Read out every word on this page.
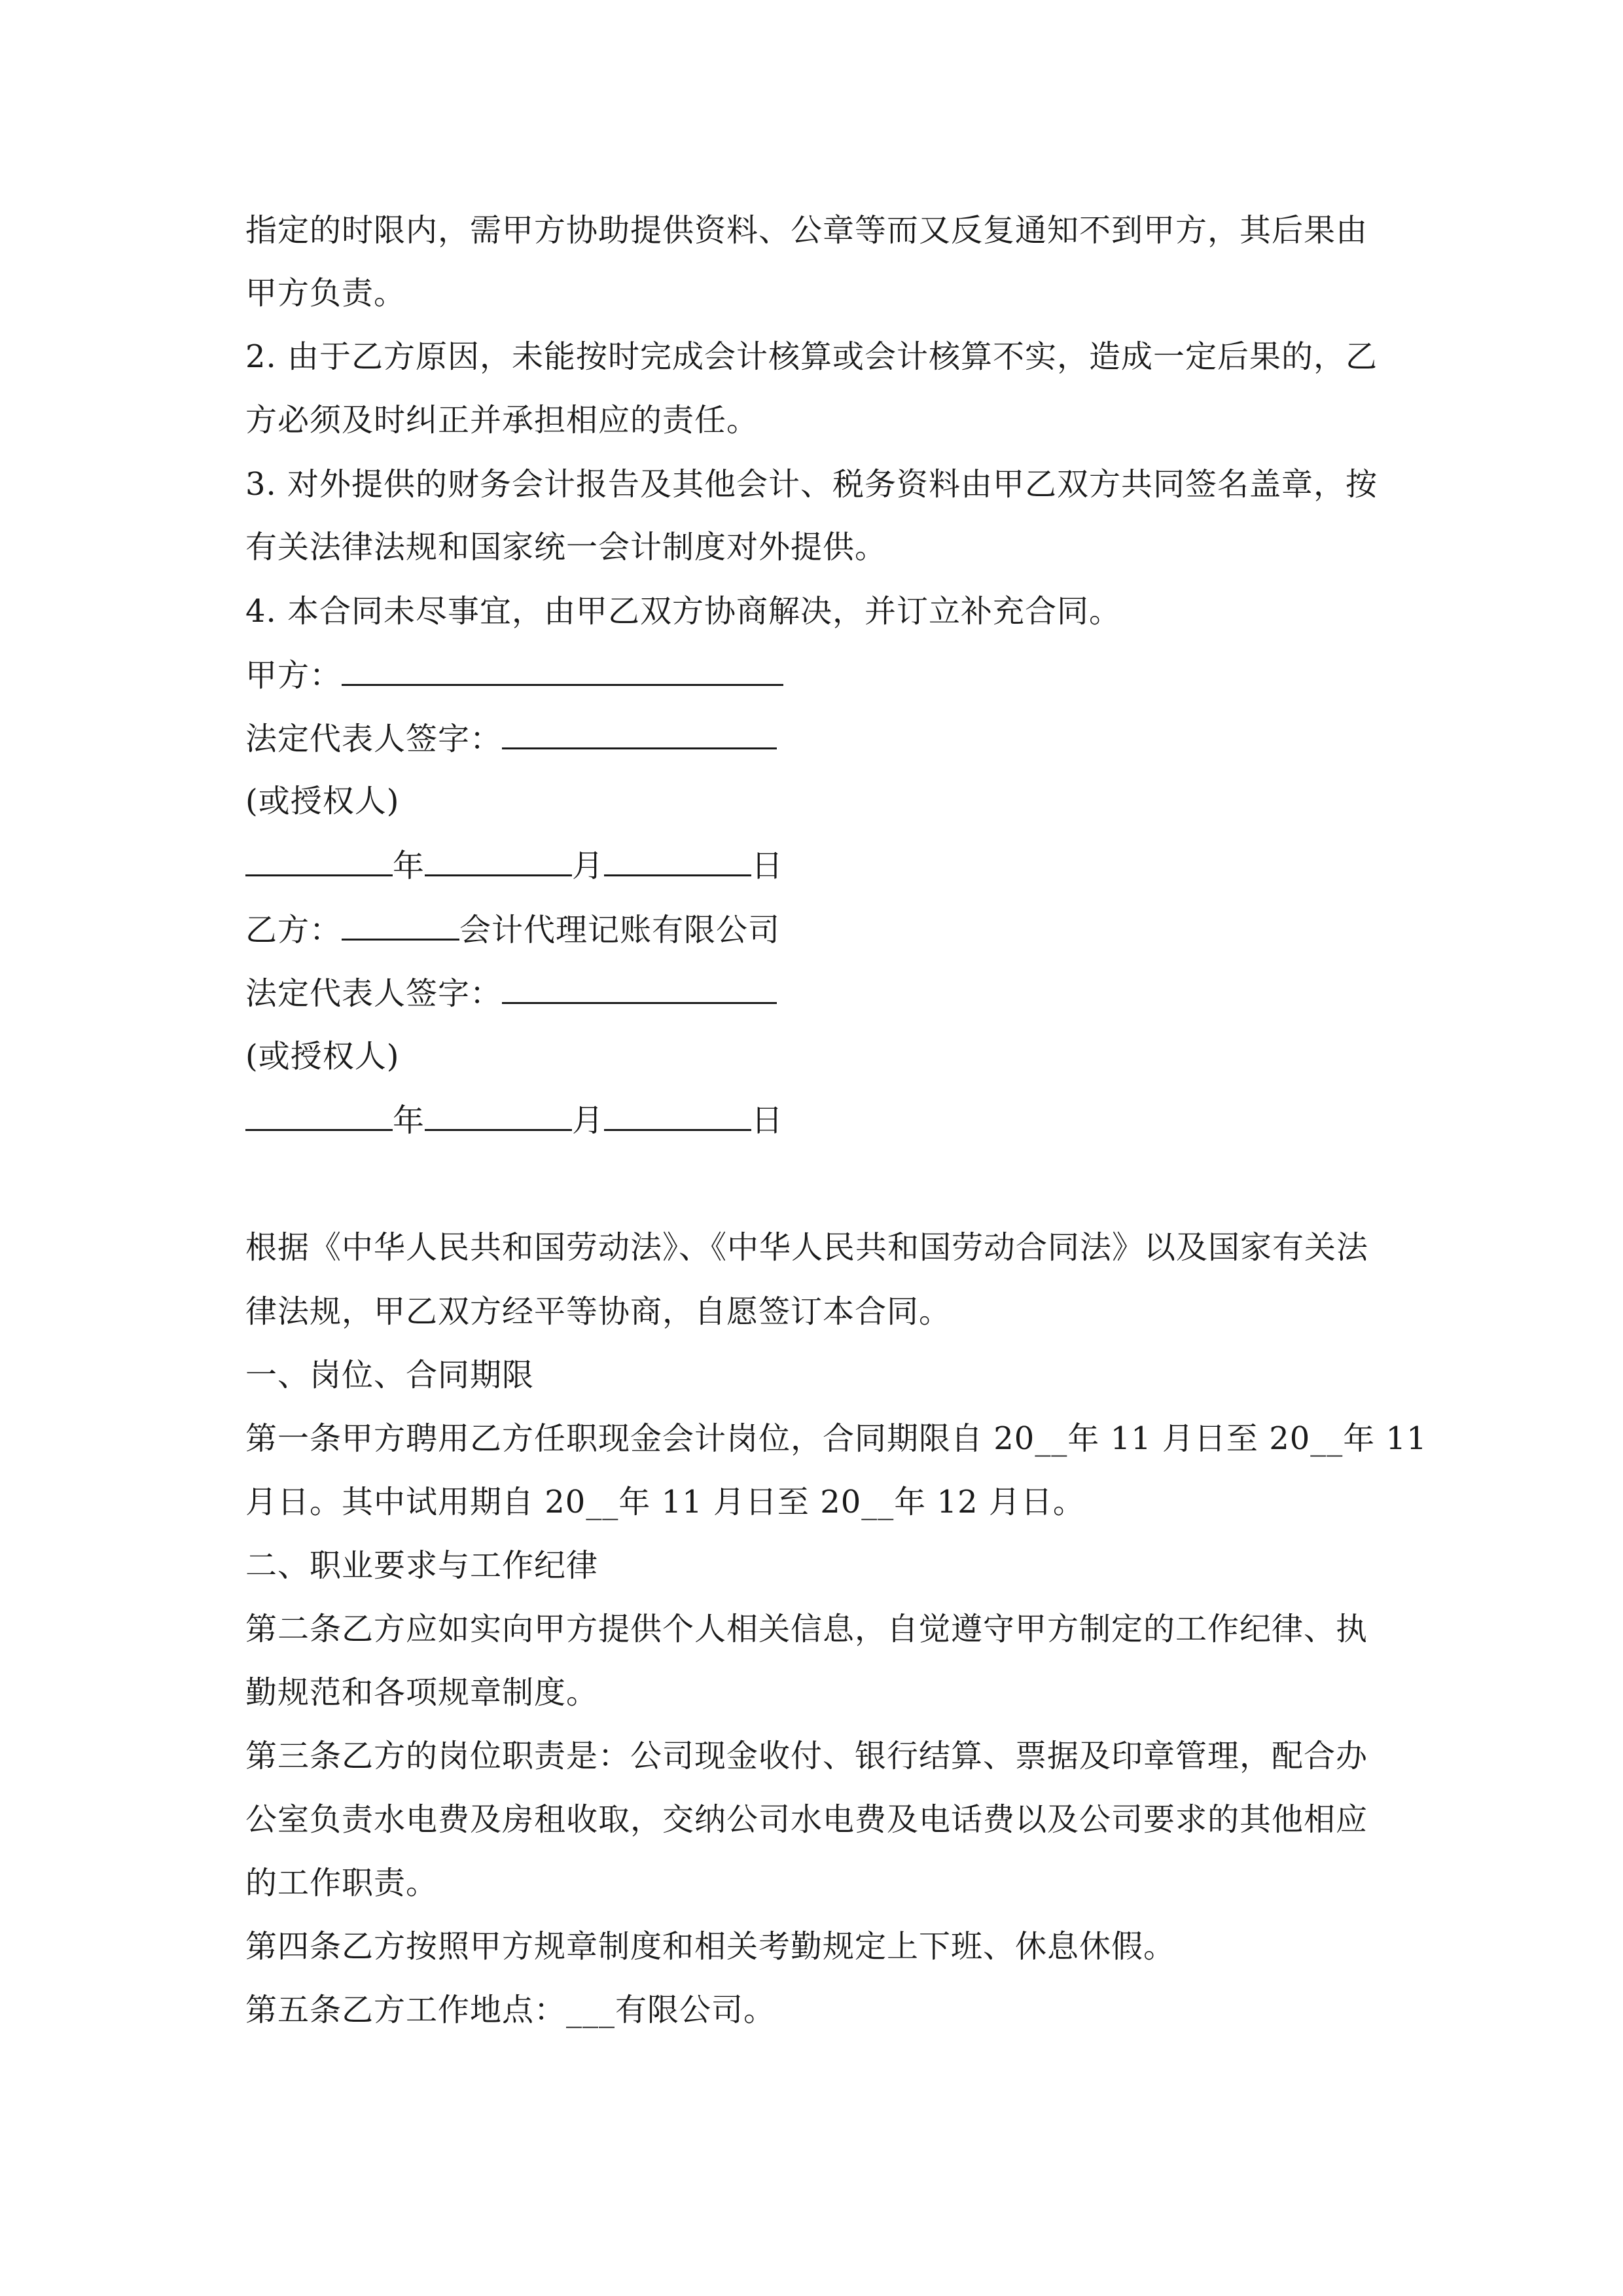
指定的时限内，需甲方协助提供资料、公章等而又反复通知不到甲方，其后果由
甲方负责。
2. 由于乙方原因，未能按时完成会计核算或会计核算不实，造成一定后果的，乙
方必须及时纠正并承担相应的责任。
3. 对外提供的财务会计报告及其他会计、税务资料由甲乙双方共同签名盖章，按
有关法律法规和国家统一会计制度对外提供。
4. 本合同未尽事宜，由甲乙双方协商解决，并订立补充合同。
甲方：
法定代表人签字：
(或授权人)
年	月	日
乙方：	会计代理记账有限公司
法定代表人签字：
(或授权人)
年	月	日
根据《中华人民共和国劳动法》、《中华人民共和国劳动合同法》以及国家有关法
律法规，甲乙双方经平等协商，自愿签订本合同。
一、岗位、合同期限
第一条甲方聘用乙方任职现金会计岗位，合同期限自 20__年 11 月日至 20__年 11
月日。其中试用期自 20__年 11 月日至 20__年 12 月日。
二、职业要求与工作纪律
第二条乙方应如实向甲方提供个人相关信息，自觉遵守甲方制定的工作纪律、执
勤规范和各项规章制度。
第三条乙方的岗位职责是：公司现金收付、银行结算、票据及印章管理，配合办
公室负责水电费及房租收取，交纳公司水电费及电话费以及公司要求的其他相应
的工作职责。
第四条乙方按照甲方规章制度和相关考勤规定上下班、休息休假。
第五条乙方工作地点：___有限公司。
